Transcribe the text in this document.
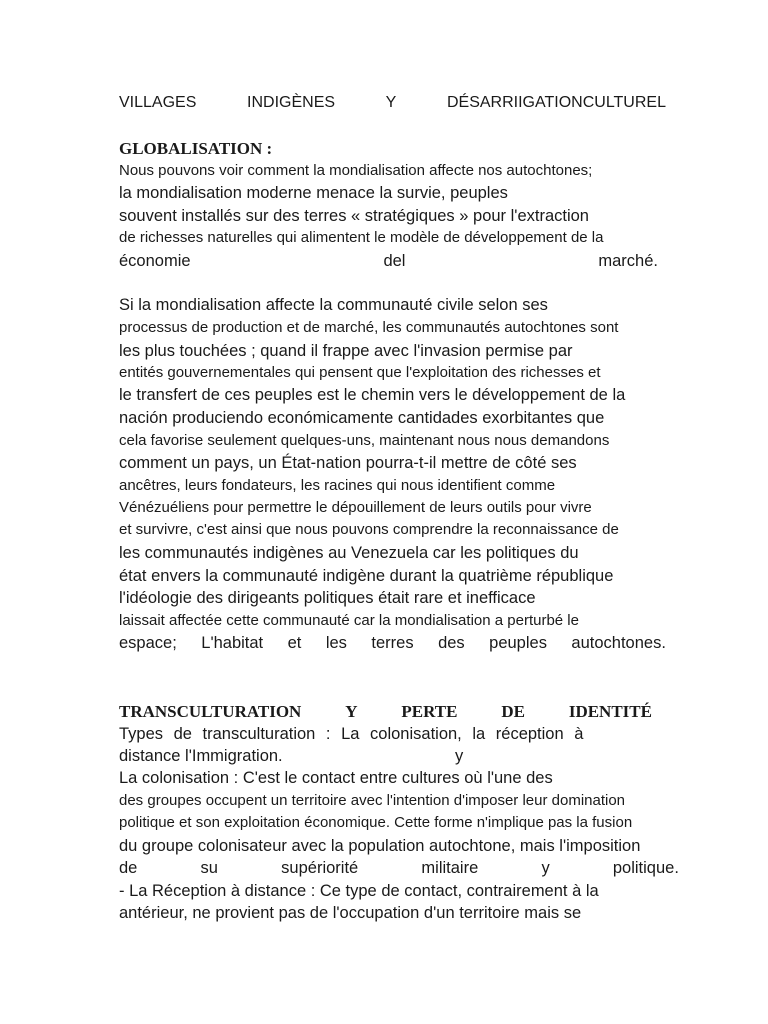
VILLAGES	INDIGÈNES	Y	DÉSARRIIGATIONCULTUREL
GLOBALISATION :
Nous pouvons voir comment la mondialisation affecte nos autochtones;
la mondialisation moderne menace la survie, peuples
souvent installés sur des terres « stratégiques » pour l'extraction
de richesses naturelles qui alimentent le modèle de développement de la
économie	del	marché.
Si la mondialisation affecte la communauté civile selon ses
processus de production et de marché, les communautés autochtones sont
les plus touchées ; quand il frappe avec l'invasion permise par
entités gouvernementales qui pensent que l'exploitation des richesses et
le transfert de ces peuples est le chemin vers le développement de la
nación produciendo económicamente cantidades exorbitantes que
cela favorise seulement quelques-uns, maintenant nous nous demandons
comment un pays, un État-nation pourra-t-il mettre de côté ses
ancêtres, leurs fondateurs, les racines qui nous identifient comme
Vénézuéliens pour permettre le dépouillement de leurs outils pour vivre
et survivre, c'est ainsi que nous pouvons comprendre la reconnaissance de
les communautés indigènes au Venezuela car les politiques du
état envers la communauté indigène durant la quatrième république
l'idéologie des dirigeants politiques était rare et inefficace
laissait affectée cette communauté car la mondialisation a perturbé le
espace; L'habitat et les terres des peuples autochtones.
TRANSCULTURATION	Y	PERTE	DE	IDENTITÉ
Types de transculturation : La colonisation, la réception à
distance l'Immigration.	y
La colonisation : C'est le contact entre cultures où l'une des
des groupes occupent un territoire avec l'intention d'imposer leur domination
politique et son exploitation économique. Cette forme n'implique pas la fusion
du groupe colonisateur avec la population autochtone, mais l'imposition
de	su	supériorité	militaire	y	politique.
- La Réception à distance : Ce type de contact, contrairement à la
antérieur, ne provient pas de l'occupation d'un territoire mais se
